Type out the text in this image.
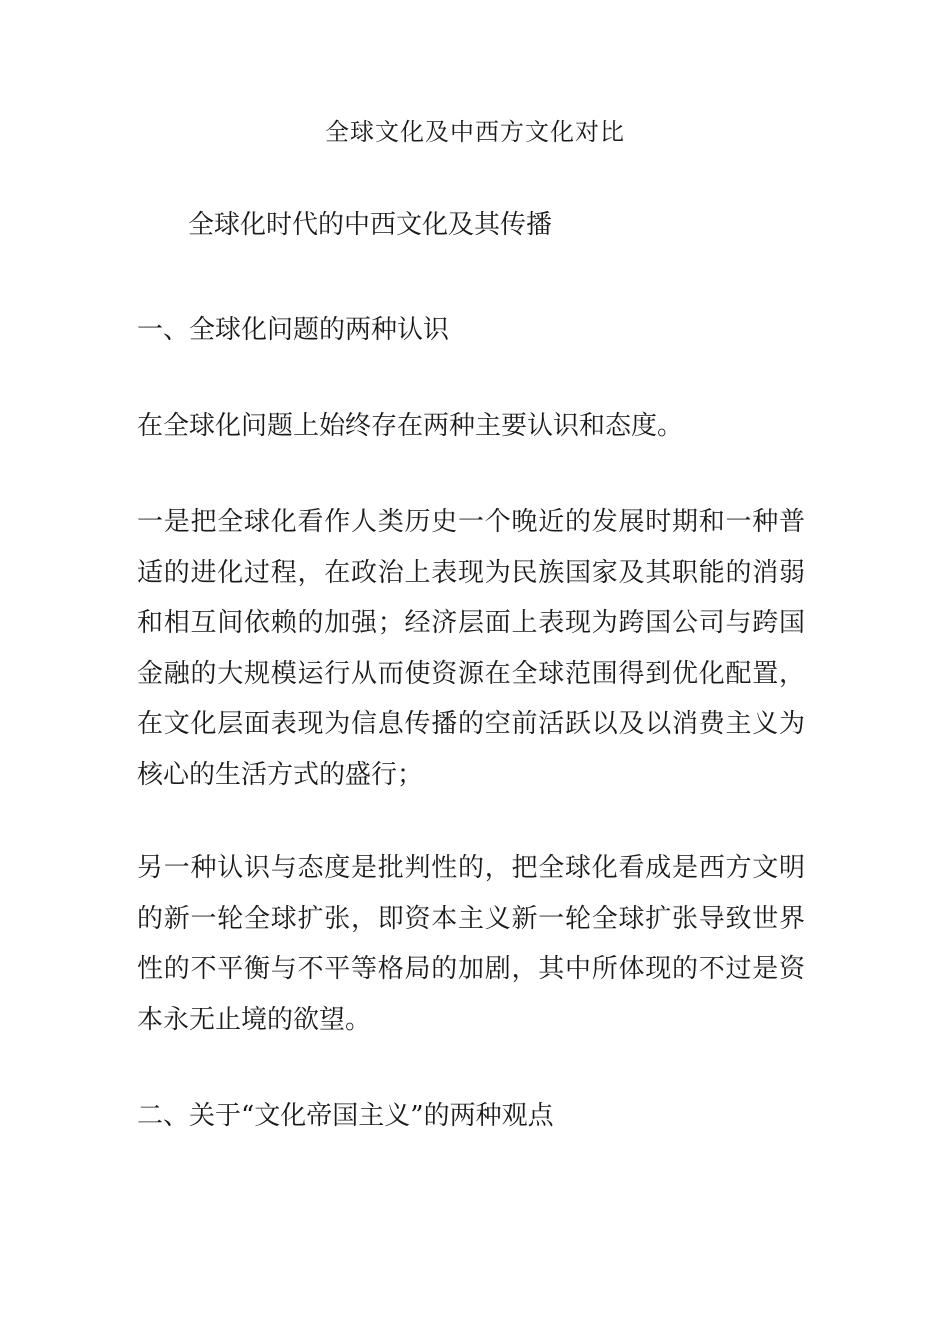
全球文化及中西方文化对比
全球化时代的中西文化及其传播
一、全球化问题的两种认识
在全球化问题上始终存在两种主要认识和态度。
一是把全球化看作人类历史一个晚近的发展时期和一种普适的进化过程，在政治上表现为民族国家及其职能的消弱和相互间依赖的加强；经济层面上表现为跨国公司与跨国金融的大规模运行从而使资源在全球范围得到优化配置，在文化层面表现为信息传播的空前活跃以及以消费主义为核心的生活方式的盛行；
另一种认识与态度是批判性的，把全球化看成是西方文明的新一轮全球扩张，即资本主义新一轮全球扩张导致世界性的不平衡与不平等格局的加剧，其中所体现的不过是资本永无止境的欲望。
二、关于“文化帝国主义”的两种观点
